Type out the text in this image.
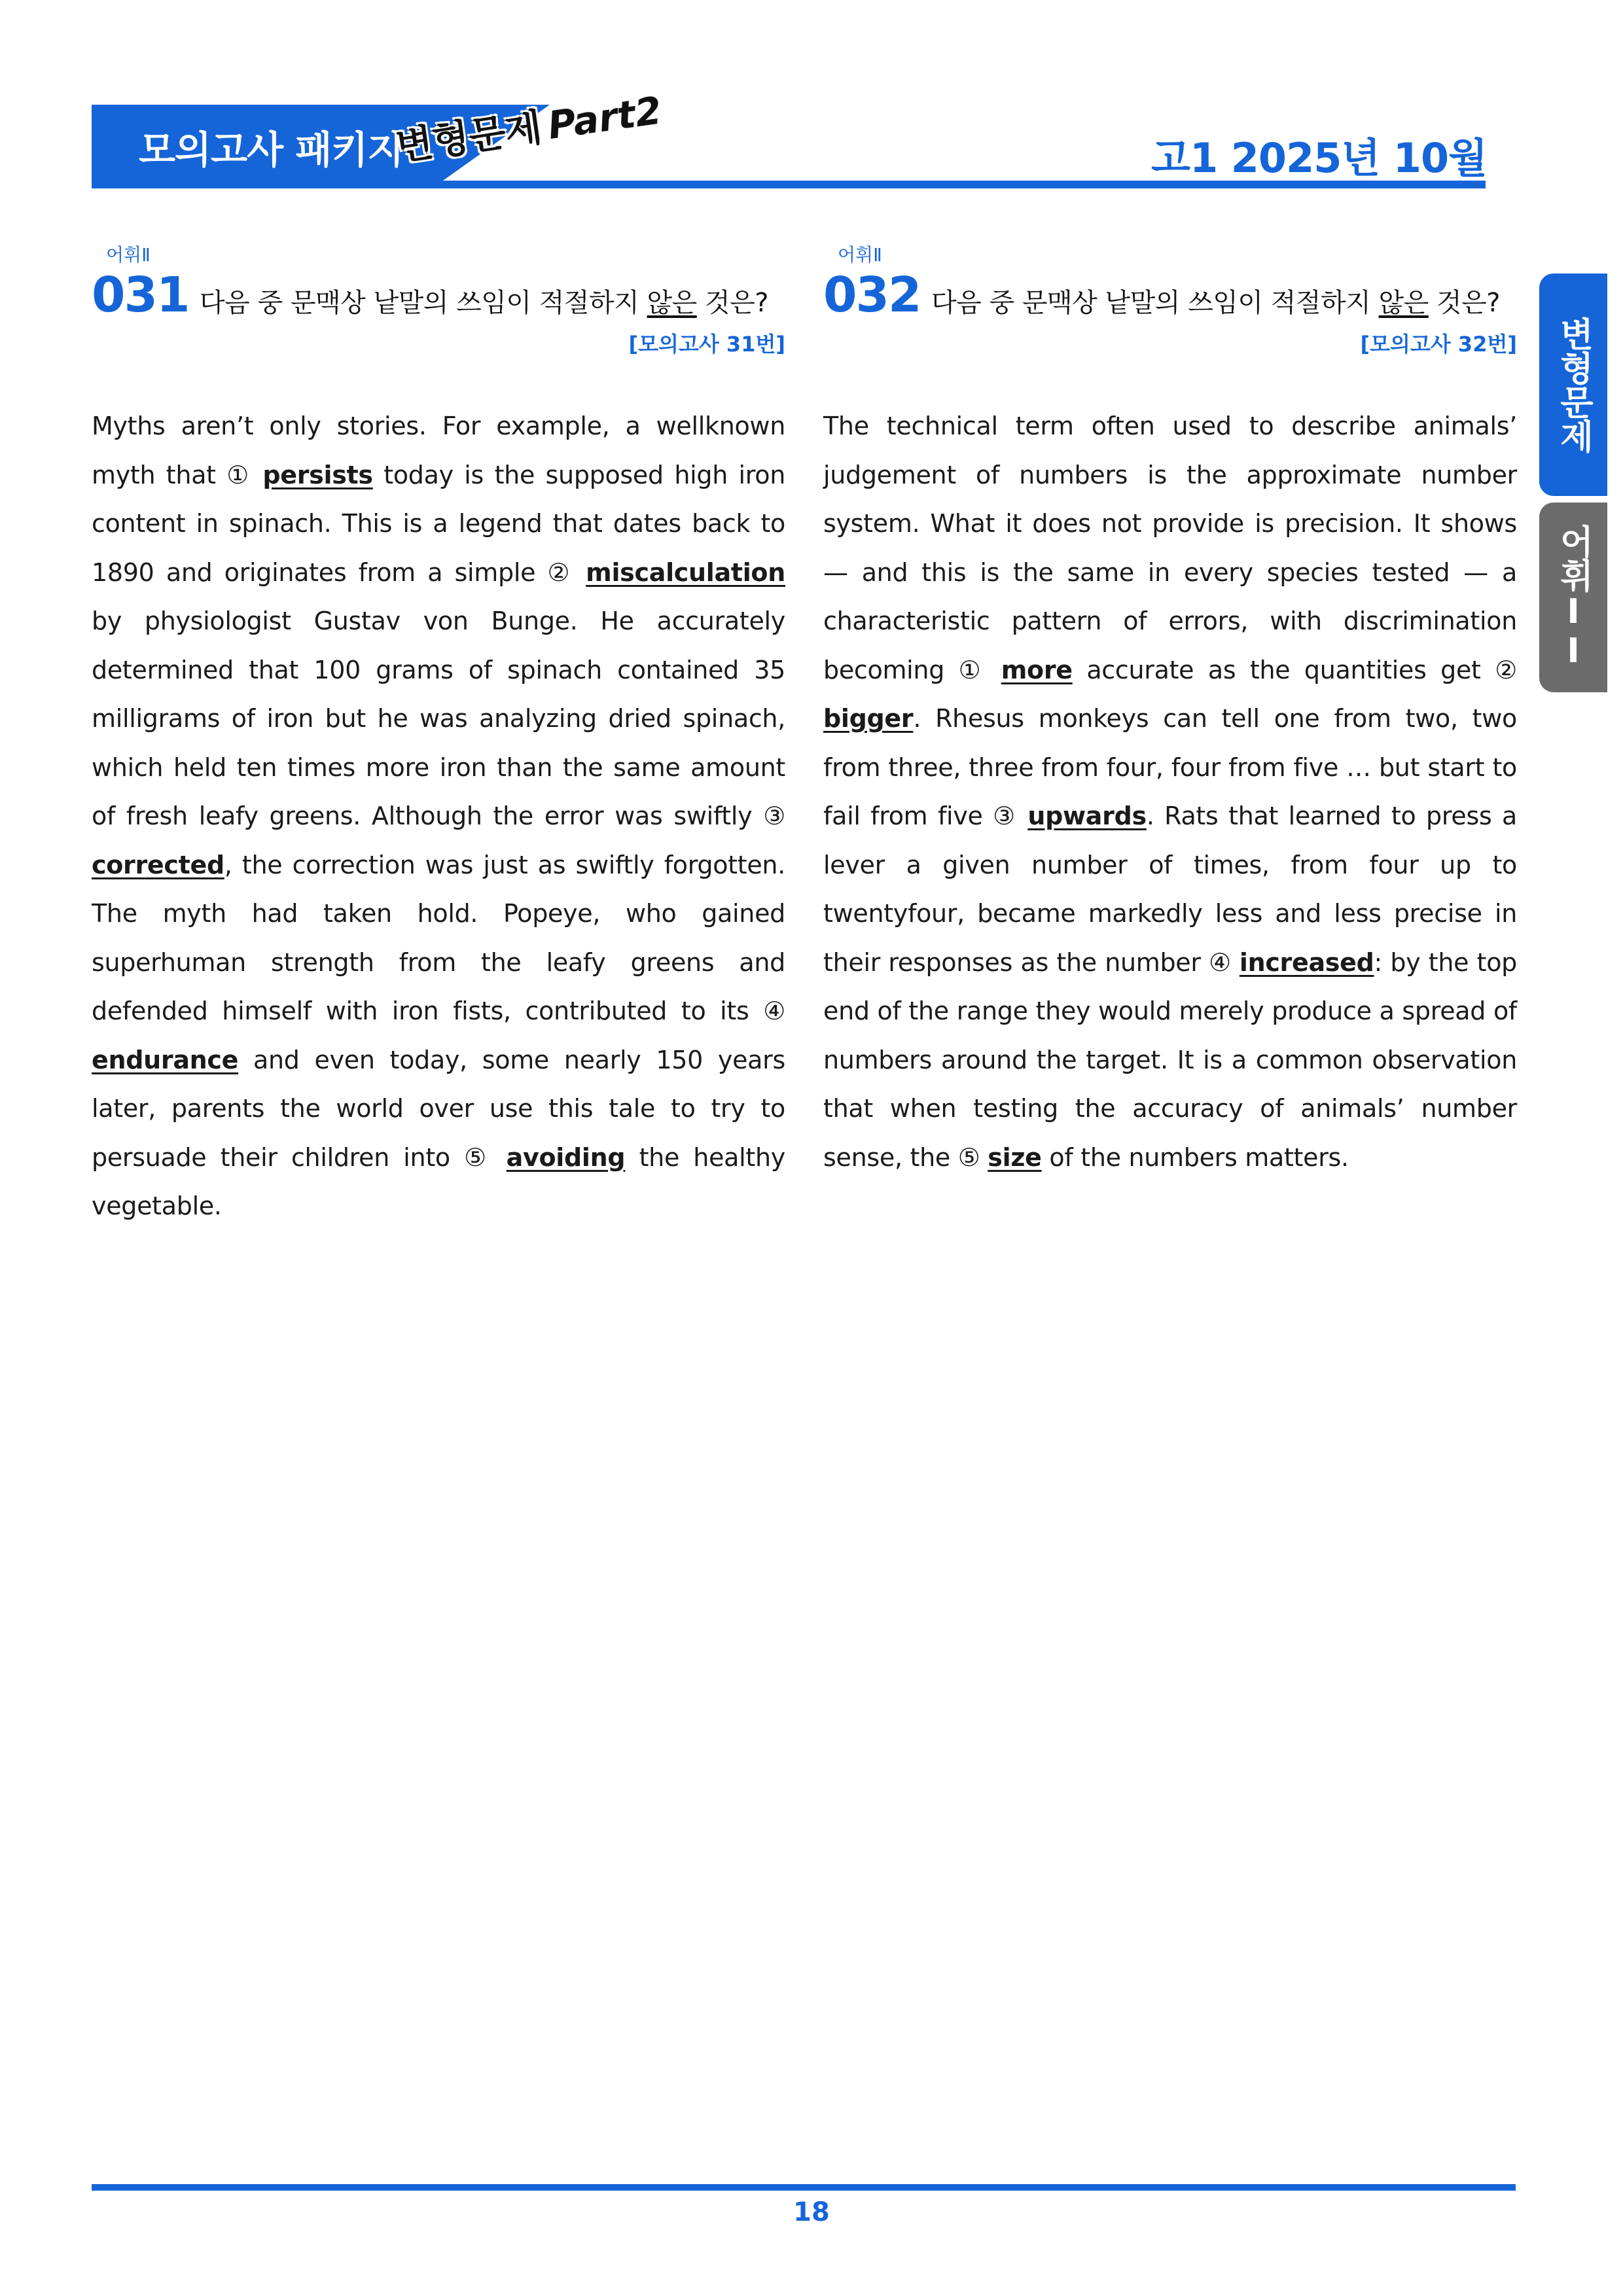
모의고사 패키지
변형문제Part2
고1 2025년 10월
변형문제
어휘II
어휘Ⅱ
031 다음 중 문맥상 낱말의 쓰임이 적절하지 않은 것은?
[모의고사 31번]
Myths aren’t only stories. For example, a wellknown myth that ① persists today is the supposed high iron content in spinach. This is a legend that dates back to 1890 and originates from a simple ② miscalculation by physiologist Gustav von Bunge. He accurately determined that 100 grams of spinach contained 35 milligrams of iron but he was analyzing dried spinach, which held ten times more iron than the same amount of fresh leafy greens. Although the error was swiftly ③ corrected, the correction was just as swiftly forgotten. The myth had taken hold. Popeye, who gained superhuman strength from the leafy greens and defended himself with iron fists, contributed to its ④ endurance and even today, some nearly 150 years later, parents the world over use this tale to try to persuade their children into ⑤ avoiding the healthy vegetable.
어휘Ⅱ
032 다음 중 문맥상 낱말의 쓰임이 적절하지 않은 것은?
[모의고사 32번]
The technical term often used to describe animals’ judgement of numbers is the approximate number system. What it does not provide is precision. It shows — and this is the same in every species tested — a characteristic pattern of errors, with discrimination becoming ① more accurate as the quantities get ② bigger. Rhesus monkeys can tell one from two, two from three, three from four, four from five … but start to fail from five ③ upwards. Rats that learned to press a lever a given number of times, from four up to twentyfour, became markedly less and less precise in their responses as the number ④ increased: by the top end of the range they would merely produce a spread of numbers around the target. It is a common observation that when testing the accuracy of animals’ number sense, the ⑤ size of the numbers matters.
18
